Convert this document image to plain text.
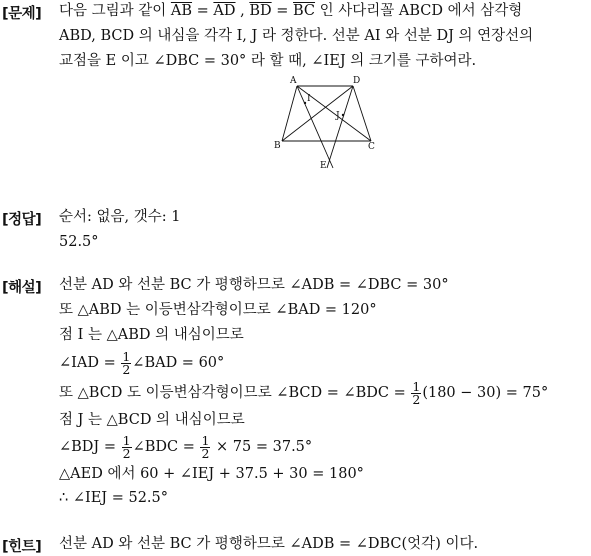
[문제] 다음 그림과 같이 $\overline{AB} = \overline{AD}$ , $\overline{BD} = \overline{BC}$ 인 사다리꼴 ABCD 에서 삼각형
ABD, BCD 의 내심을 각각 I, J 라 정한다. 선분 AI 와 선분 DJ 의 연장선의
교점을 E 이고 ∠DBC = 30° 라 할 때, ∠IEJ 의 크기를 구하여라.
A	D
B	C
I
J
E
[정답] 순서: 없음, 갯수: 1
52.5°
[해설] 선분 AD 와 선분 BC 가 평행하므로 ∠ADB = ∠DBC = 30°
또 △ABD 는 이등변삼각형이므로 ∠BAD = 120°
점 I 는 △ABD 의 내심이므로
∠IAD = $\frac{1}{2}$ ∠BAD = 60°
또 △BCD 도 이등변삼각형이므로 ∠BCD = ∠BDC = $\frac{1}{2} (180 - 30) = 75^\circ$
점 J 는 △BCD 의 내심이므로
∠BDJ = $\frac{1}{2}$ ∠BDC = $\frac{1}{2} \times 75 = 37.5^\circ$
△AED 에서 60 + ∠IEJ + 37.5 + 30 = 180°
∴ ∠IEJ = 52.5°
[힌트] 선분 AD 와 선분 BC 가 평행하므로 ∠ADB = ∠DBC(엇각) 이다.
